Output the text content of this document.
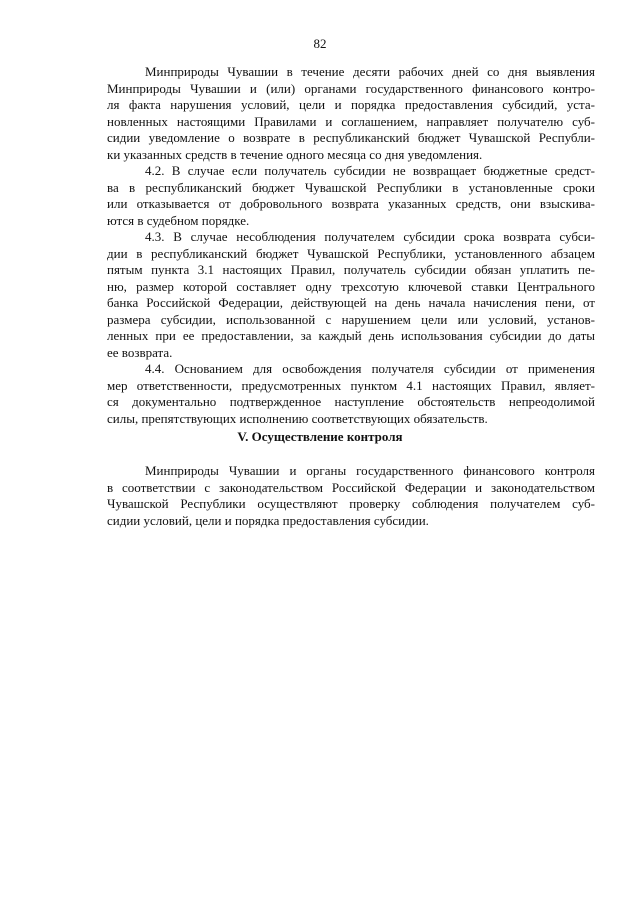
82
Минприроды Чувашии в течение десяти рабочих дней со дня выявления
Минприроды Чувашии и (или) органами государственного финансового контро-
ля факта нарушения условий, цели и порядка предоставления субсидий, уста-
новленных настоящими Правилами и соглашением, направляет получателю суб-
сидии уведомление о возврате в республиканский бюджет Чувашской Республи-
ки указанных средств в течение одного месяца со дня уведомления.
4.2. В случае если получатель субсидии не возвращает бюджетные средст-
ва в республиканский бюджет Чувашской Республики в установленные сроки
или отказывается от добровольного возврата указанных средств, они взыскива-
ются в судебном порядке.
4.3. В случае несоблюдения получателем субсидии срока возврата субси-
дии в республиканский бюджет Чувашской Республики, установленного абзацем
пятым пункта 3.1 настоящих Правил, получатель субсидии обязан уплатить пе-
ню, размер которой составляет одну трехсотую ключевой ставки Центрального
банка Российской Федерации, действующей на день начала начисления пени, от
размера субсидии, использованной с нарушением цели или условий, установ-
ленных при ее предоставлении, за каждый день использования субсидии до даты
ее возврата.
4.4. Основанием для освобождения получателя субсидии от применения
мер ответственности, предусмотренных пунктом 4.1 настоящих Правил, являет-
ся документально подтвержденное наступление обстоятельств непреодолимой
силы, препятствующих исполнению соответствующих обязательств.
V. Осуществление контроля
Минприроды Чувашии и органы государственного финансового контроля
в соответствии с законодательством Российской Федерации и законодательством
Чувашской Республики осуществляют проверку соблюдения получателем суб-
сидии условий, цели и порядка предоставления субсидии.
